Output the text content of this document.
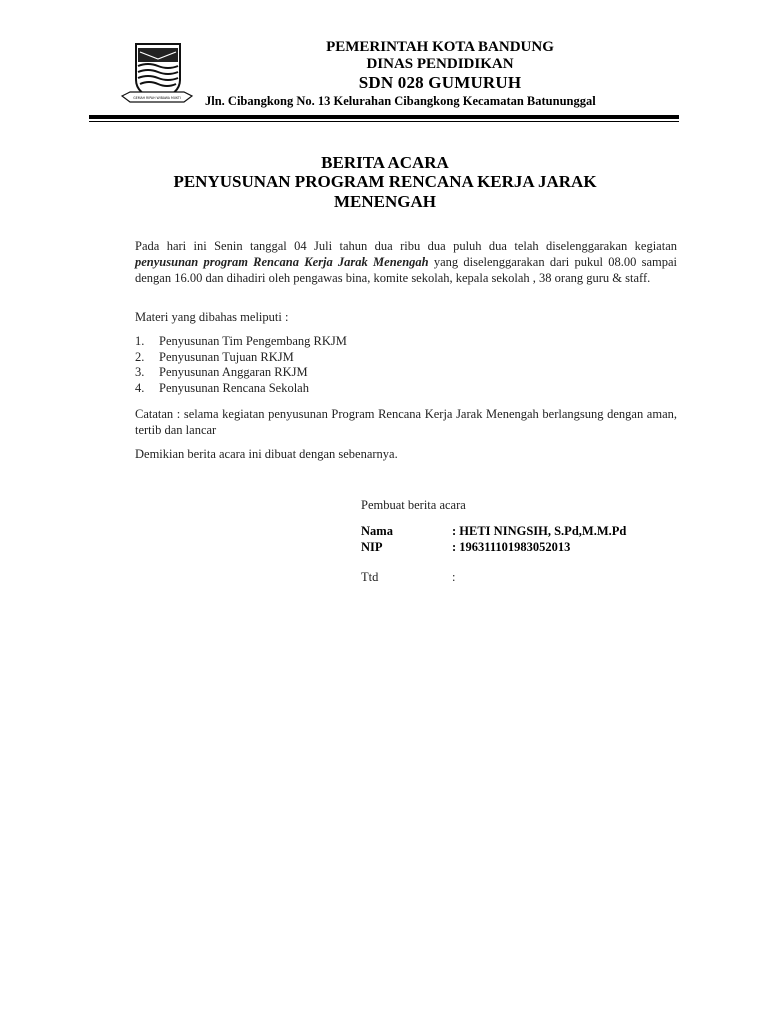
GEMAH RIPAH WIBAWA MUKTI
PEMERINTAH KOTA BANDUNG
DINAS PENDIDIKAN
SDN 028 GUMURUH
Jln. Cibangkong No. 13 Kelurahan Cibangkong Kecamatan Batununggal
BERITA ACARA
PENYUSUNAN PROGRAM RENCANA KERJA JARAK
MENENGAH
Pada hari ini Senin tanggal 04 Juli tahun dua ribu dua puluh dua telah diselenggarakan kegiatan penyusunan program Rencana Kerja Jarak Menengah yang diselenggarakan dari pukul 08.00 sampai dengan 16.00 dan dihadiri oleh pengawas bina, komite sekolah, kepala sekolah , 38 orang guru & staff.
Materi yang dibahas meliputi :
1.	Penyusunan Tim Pengembang RKJM
2.	Penyusunan Tujuan RKJM
3.	Penyusunan Anggaran RKJM
4.	Penyusunan Rencana Sekolah
Catatan : selama kegiatan penyusunan Program Rencana Kerja Jarak Menengah berlangsung dengan aman, tertib dan lancar
Demikian berita acara ini dibuat dengan sebenarnya.
Pembuat berita acara
Nama	: HETI NINGSIH, S.Pd,M.M.Pd
NIP	: 196311101983052013
Ttd	:
